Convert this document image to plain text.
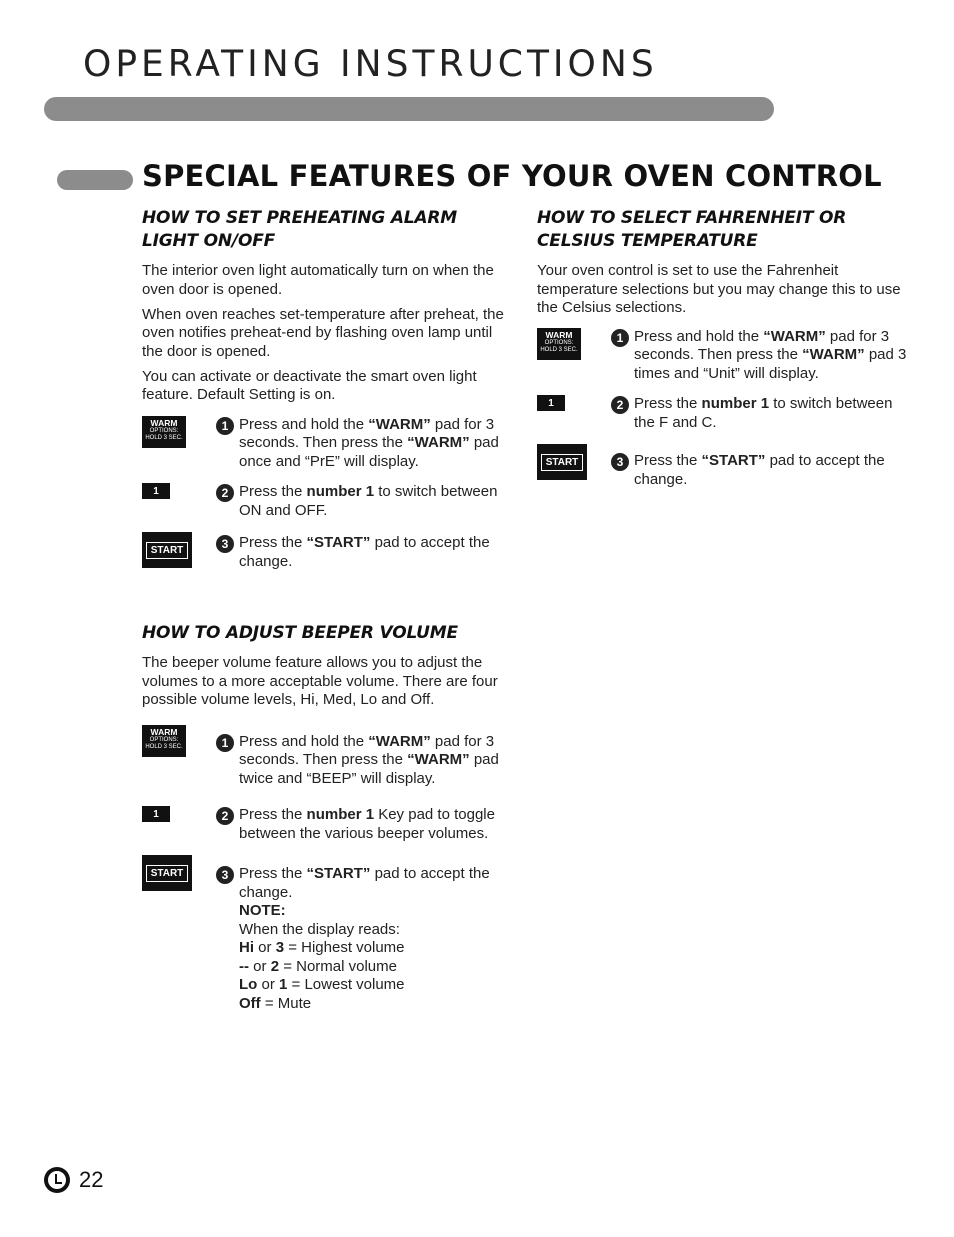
OPERATING INSTRUCTIONS
SPECIAL FEATURES OF YOUR OVEN CONTROL
HOW TO SET PREHEATING ALARM LIGHT ON/OFF

The interior oven light automatically turn on when the oven door is opened.

When oven reaches set-temperature after preheat, the oven notifies preheat-end by flashing oven lamp until the door is opened.

You can activate or deactivate the smart oven light feature. Default Setting is on.

WARM
OPTIONS: HOLD 3 SEC.
1 Press and hold the “WARM” pad for 3 seconds. Then press the “WARM” pad once and “PrE” will display.
1	2 Press the number 1 to switch between ON and OFF.
START	3 Press the “START” pad to accept the change.
HOW TO SELECT FAHRENHEIT OR CELSIUS TEMPERATURE

Your oven control is set to use the Fahrenheit temperature selections but you may change this to use the Celsius selections.

WARM
OPTIONS: HOLD 3 SEC.
1 Press and hold the “WARM” pad for 3 seconds. Then press the “WARM” pad 3 times and “Unit” will display.
1	2 Press the number 1 to switch between the F and C.
START	3 Press the “START” pad to accept the change.
HOW TO ADJUST BEEPER VOLUME

The beeper volume feature allows you to adjust the volumes to a more acceptable volume. There are four possible volume levels, Hi, Med, Lo and Off.

WARM
OPTIONS: HOLD 3 SEC.	1 Press and hold the “WARM” pad for 3 seconds. Then press the “WARM” pad twice and “BEEP” will display.
1	2 Press the number 1 Key pad to toggle between the various beeper volumes.
START	3 Press the “START” pad to accept the change.
NOTE:
When the display reads:
Hi or 3 = Highest volume
-- or 2 = Normal volume
Lo or 1 = Lowest volume
Off = Mute
22
